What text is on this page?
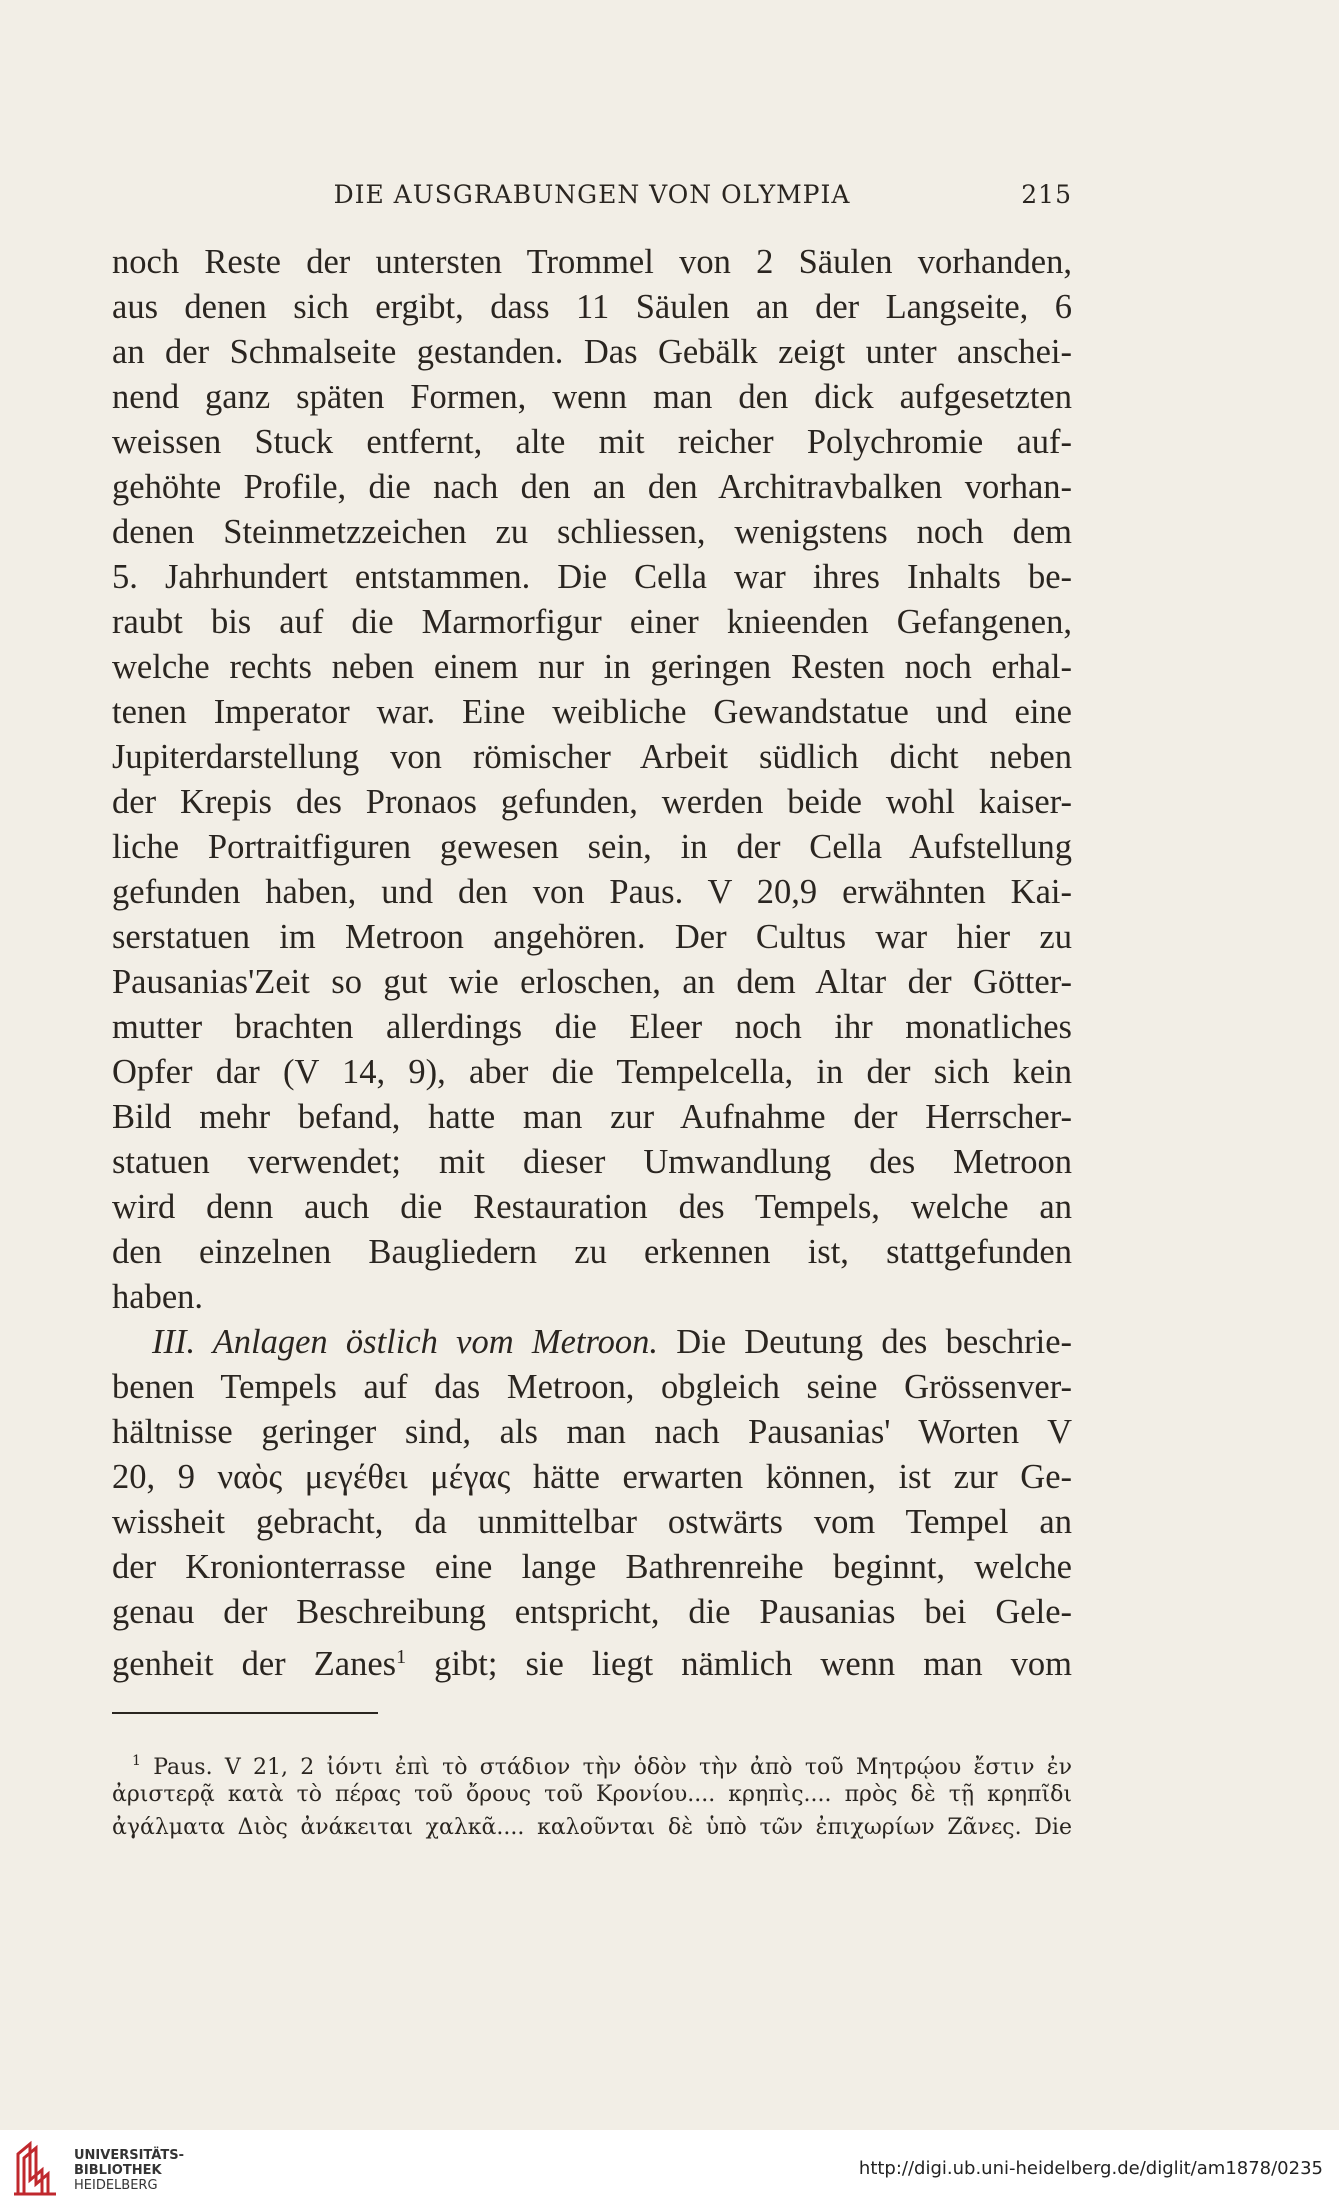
DIE AUSGRABUNGEN VON OLYMPIA	215
noch Reste der untersten Trommel von 2 Säulen vorhanden,
aus denen sich ergibt, dass 11 Säulen an der Langseite, 6
an der Schmalseite gestanden. Das Gebälk zeigt unter anschei-
nend ganz späten Formen, wenn man den dick aufgesetzten
weissen Stuck entfernt, alte mit reicher Polychromie auf-
gehöhte Profile, die nach den an den Architravbalken vorhan-
denen Steinmetzzeichen zu schliessen, wenigstens noch dem
5. Jahrhundert entstammen. Die Cella war ihres Inhalts be-
raubt bis auf die Marmorfigur einer knieenden Gefangenen,
welche rechts neben einem nur in geringen Resten noch erhal-
tenen Imperator war. Eine weibliche Gewandstatue und eine
Jupiterdarstellung von römischer Arbeit südlich dicht neben
der Krepis des Pronaos gefunden, werden beide wohl kaiser-
liche Portraitfiguren gewesen sein, in der Cella Aufstellung
gefunden haben, und den von Paus. V 20,9 erwähnten Kai-
serstatuen im Metroon angehören. Der Cultus war hier zu
Pausanias'Zeit so gut wie erloschen, an dem Altar der Götter-
mutter brachten allerdings die Eleer noch ihr monatliches
Opfer dar (V 14, 9), aber die Tempelcella, in der sich kein
Bild mehr befand, hatte man zur Aufnahme der Herrscher-
statuen verwendet; mit dieser Umwandlung des Metroon
wird denn auch die Restauration des Tempels, welche an
den einzelnen Baugliedern zu erkennen ist, stattgefunden
haben.
III. Anlagen östlich vom Metroon. Die Deutung des beschrie-
benen Tempels auf das Metroon, obgleich seine Grössenver-
hältnisse geringer sind, als man nach Pausanias' Worten V
20, 9 ναὸς μεγέθει μέγας hätte erwarten können, ist zur Ge-
wissheit gebracht, da unmittelbar ostwärts vom Tempel an
der Kronionterrasse eine lange Bathrenreihe beginnt, welche
genau der Beschreibung entspricht, die Pausanias bei Gele-
genheit der Zanes$^1$ gibt; sie liegt nämlich wenn man vom
$^1$ Paus. V 21, 2 ἰόντι ἐπὶ τὸ στάδιον τὴν ὁδὸν τὴν ἀπὸ τοῦ Μητρῴου ἔστιν ἐν
ἀριστερᾷ κατὰ τὸ πέρας τοῦ ὄρους τοῦ Κρονίου.... κρηπὶς.... πρὸς δὲ τῇ κρηπῖδι
ἀγάλματα Διὸς ἀνάκειται χαλκᾶ.... καλοῦνται δὲ ὑπὸ τῶν ἐπιχωρίων Ζᾶνες. Die
UNIVERSITÄTS-
BIBLIOTHEK
HEIDELBERG
http://digi.ub.uni-heidelberg.de/diglit/am1878/0235
